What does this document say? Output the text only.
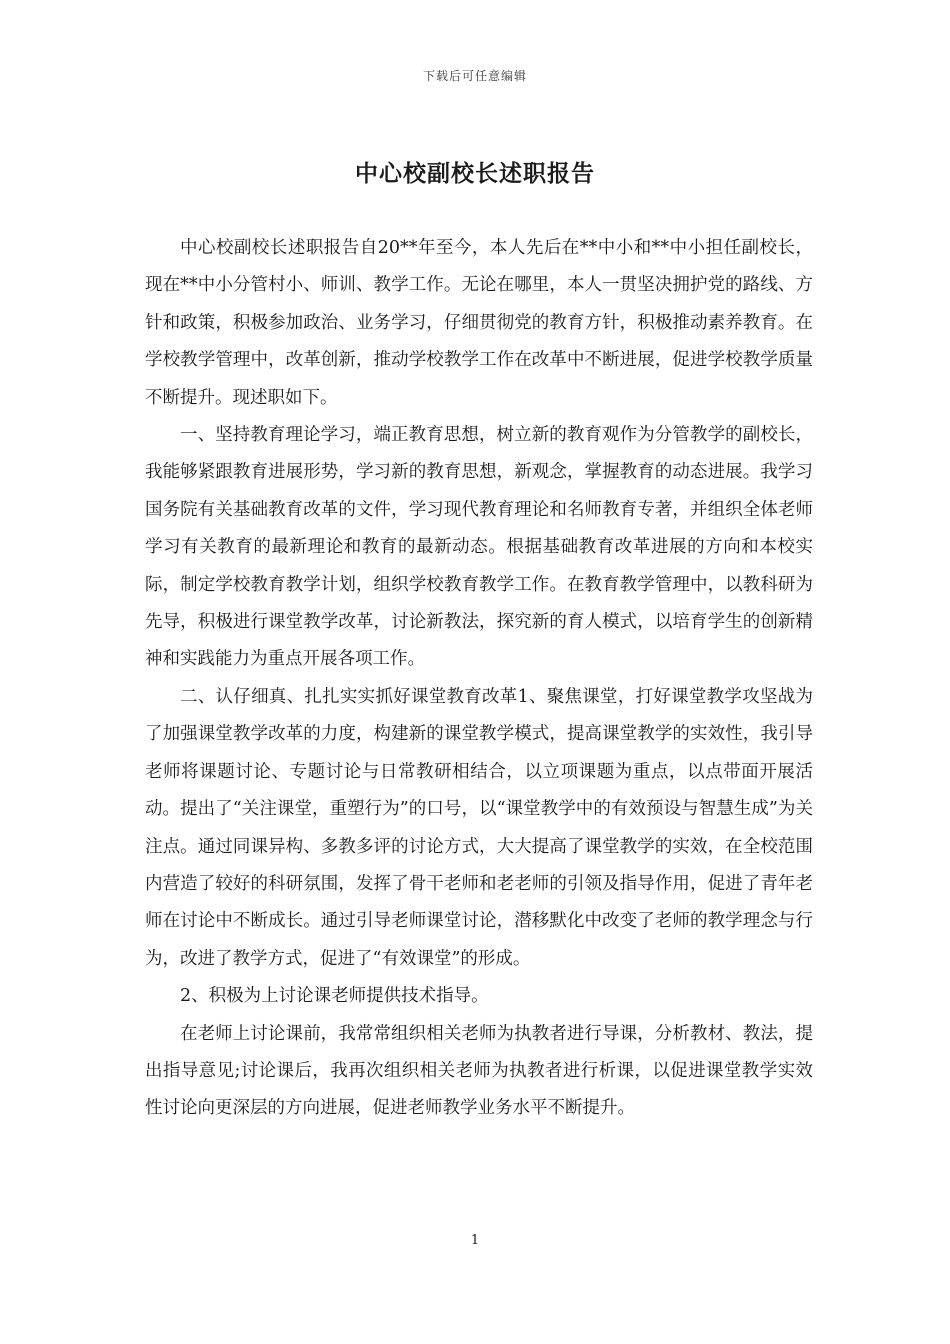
下载后可任意编辑
中心校副校长述职报告

中心校副校长述职报告自20**年至今，本人先后在**中小和**中小担任副校长，现在**中小分管村小、师训、教学工作。无论在哪里，本人一贯坚决拥护党的路线、方针和政策，积极参加政治、业务学习，仔细贯彻党的教育方针，积极推动素养教育。在学校教学管理中，改革创新，推动学校教学工作在改革中不断进展，促进学校教学质量不断提升。现述职如下。

一、坚持教育理论学习，端正教育思想，树立新的教育观作为分管教学的副校长，我能够紧跟教育进展形势，学习新的教育思想，新观念，掌握教育的动态进展。我学习国务院有关基础教育改革的文件，学习现代教育理论和名师教育专著，并组织全体老师学习有关教育的最新理论和教育的最新动态。根据基础教育改革进展的方向和本校实际，制定学校教育教学计划，组织学校教育教学工作。在教育教学管理中，以教科研为先导，积极进行课堂教学改革，讨论新教法，探究新的育人模式，以培育学生的创新精神和实践能力为重点开展各项工作。

二、认仔细真、扎扎实实抓好课堂教育改革1、聚焦课堂，打好课堂教学攻坚战为了加强课堂教学改革的力度，构建新的课堂教学模式，提高课堂教学的实效性，我引导老师将课题讨论、专题讨论与日常教研相结合，以立项课题为重点，以点带面开展活动。提出了“关注课堂，重塑行为”的口号，以“课堂教学中的有效预设与智慧生成”为关注点。通过同课异构、多教多评的讨论方式，大大提高了课堂教学的实效，在全校范围内营造了较好的科研氛围，发挥了骨干老师和老老师的引领及指导作用，促进了青年老师在讨论中不断成长。通过引导老师课堂讨论，潜移默化中改变了老师的教学理念与行为，改进了教学方式，促进了“有效课堂”的形成。

2、积极为上讨论课老师提供技术指导。

在老师上讨论课前，我常常组织相关老师为执教者进行导课，分析教材、教法，提出指导意见;讨论课后，我再次组织相关老师为执教者进行析课，以促进课堂教学实效性讨论向更深层的方向进展，促进老师教学业务水平不断提升。

1
